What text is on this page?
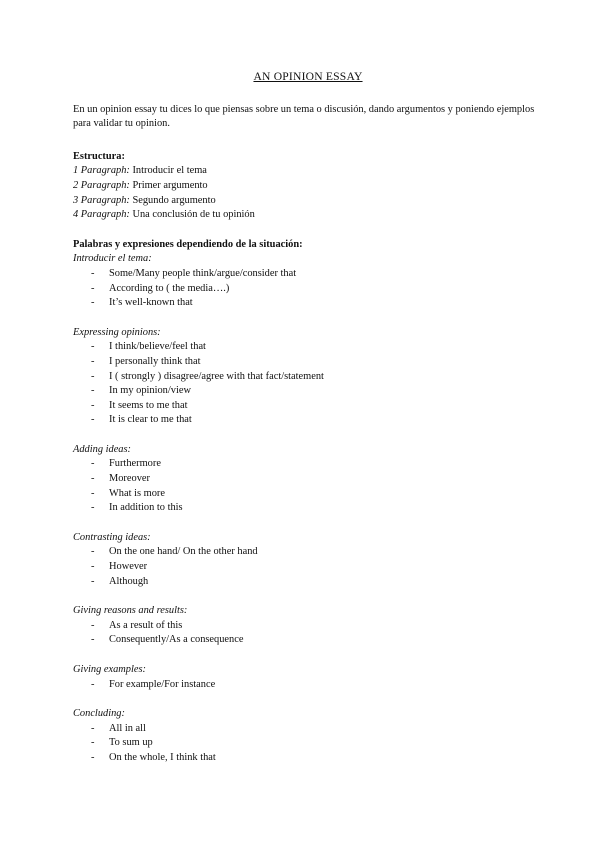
AN OPINION ESSAY
En un opinion essay tu dices lo que piensas sobre un tema o discusión, dando argumentos y poniendo ejemplos para validar tu opinion.
Estructura:
1 Paragraph: Introducir el tema
2 Paragraph: Primer argumento
3 Paragraph: Segundo argumento
4 Paragraph: Una conclusión de tu opinión
Palabras y expresiones dependiendo de la situación:
Introducir el tema:
- Some/Many people think/argue/consider that
- According to ( the media….)
- It’s well-known that
Expressing opinions:
- I think/believe/feel that
- I personally think that
- I ( strongly ) disagree/agree with that fact/statement
- In my opinion/view
- It seems to me that
- It is clear to me that
Adding ideas:
- Furthermore
- Moreover
- What is more
- In addition to this
Contrasting ideas:
- On the one hand/ On the other hand
- However
- Although
Giving reasons and results:
- As a result of this
- Consequently/As a consequence
Giving examples:
- For example/For instance
Concluding:
- All in all
- To sum up
- On the whole, I think that
